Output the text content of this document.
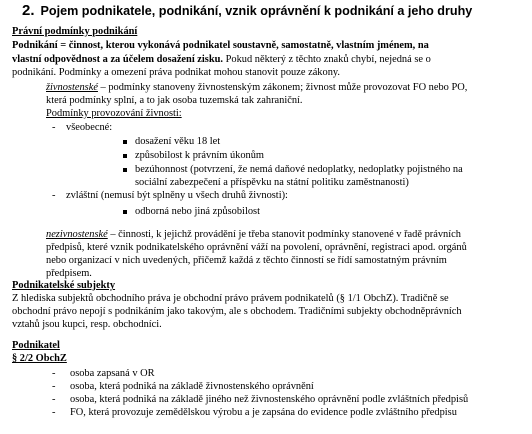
2. Pojem podnikatele, podnikání, vznik oprávnění k podnikání a jeho druhy
Právní podmínky podnikání
Podnikání = činnost, kterou vykonává podnikatel soustavně, samostatně, vlastním jménem, na
vlastní odpovědnost a za účelem dosažení zisku. Pokud některý z těchto znaků chybí, nejedná se o
podnikání. Podmínky a omezení práva podnikat mohou stanovit pouze zákony.
živnostenské – podmínky stanoveny živnostenským zákonem; živnost může provozovat FO nebo PO,
která podmínky splní, a to jak osoba tuzemská tak zahraniční.
Podmínky provozování živnosti:
- všeobecné:
dosažení věku 18 let
způsobilost k právním úkonům
bezúhonnost (potvrzení, že nemá daňové nedoplatky, nedoplatky pojistného na
sociální zabezpečení a příspěvku na státní politiku zaměstnanosti)
- zvláštní (nemusí být splněny u všech druhů živnosti):
odborná nebo jiná způsobilost
nezivnostenské – činnosti, k jejichž provádění je třeba stanovit podmínky stanovené v řadě právních
předpisů, které vznik podnikatelského oprávnění váží na povolení, oprávnění, registraci apod. orgánů
nebo organizací v nich uvedených, přičemž každá z těchto činností se řídí samostatným právním
předpisem.
Podnikatelské subjekty
Z hlediska subjektů obchodního práva je obchodní právo právem podnikatelů (§ 1/1 ObchZ). Tradičně se
obchodní právo nepojí s podnikáním jako takovým, ale s obchodem. Tradičními subjekty obchodněprávních
vztahů jsou kupci, resp. obchodníci.
Podnikatel
§ 2/2 ObchZ
- osoba zapsaná v OR
- osoba, která podniká na základě živnostenského oprávnění
- osoba, která podniká na základě jiného než živnostenského oprávnění podle zvláštních předpisů
- FO, která provozuje zemědělskou výrobu a je zapsána do evidence podle zvláštního předpisu
